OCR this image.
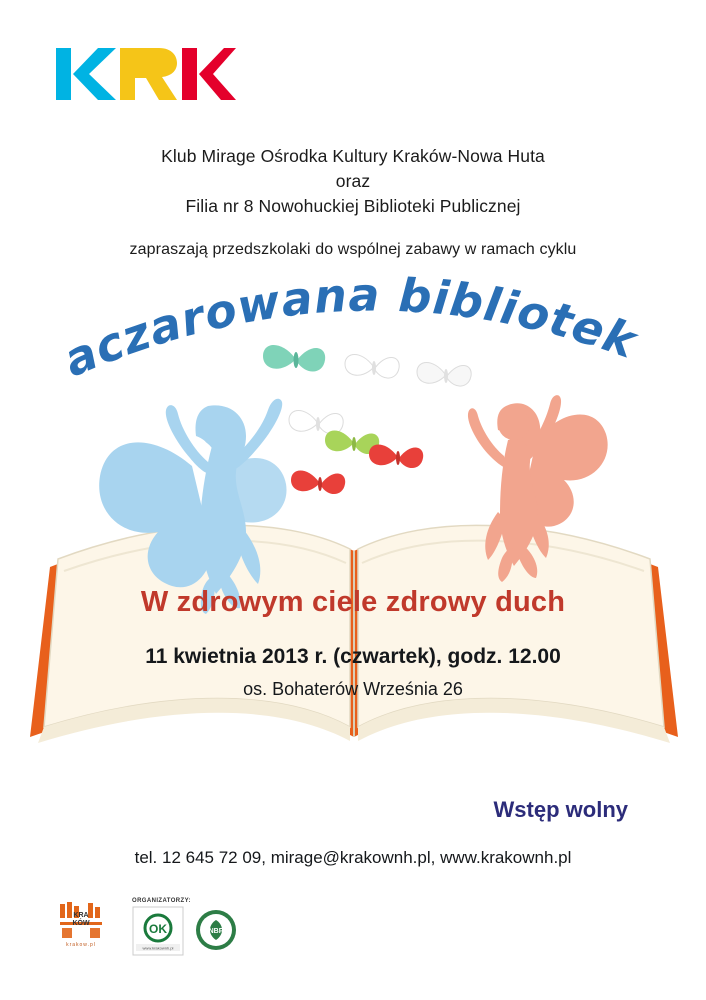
Klub Mirage Ośrodka Kultury Kraków-Nowa Huta
oraz
Filia nr 8 Nowohuckiej Biblioteki Publicznej
zapraszają przedszkolaki do wspólnej zabawy w ramach cyklu
Zaczarowana biblioteka
W zdrowym ciele zdrowy duch
11 kwietnia 2013 r. (czwartek), godz. 12.00
os. Bohaterów Września 26
Wstęp wolny
tel. 12 645 72 09, mirage@krakownh.pl, www.krakownh.pl
KRA
KÓW
krakow.pl
ORGANIZATORZY:
OK
www.krakownh.pl
NBP
